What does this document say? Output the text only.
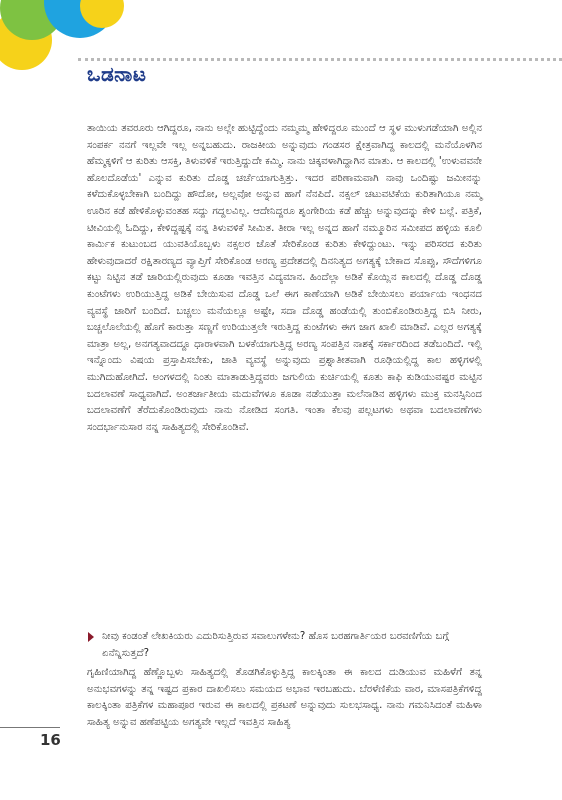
ಒಡನಾಟ
ತಾಯಿಯ ತವರೂರು ಆಗಿದ್ದರೂ, ನಾನು ಅಲ್ಲೇ ಹುಟ್ಟಿದ್ದೆಂದು ನಮ್ಮಮ್ಮ ಹೇಳಿದ್ದರೂ ಮುಂದೆ ಆ ಸ್ಥಳ ಮುಳುಗಡೆಯಾಗಿ ಅಲ್ಲಿನ ಸಂಪರ್ಕ ನನಗೆ ಇಲ್ಲವೇ ಇಲ್ಲ ಅನ್ನಬಹುದು. ರಾಜಕೀಯ ಅನ್ನುವುದು ಗಂಡಸರ ಕ್ಷೇತ್ರವಾಗಿದ್ದ ಕಾಲದಲ್ಲಿ ಮನೆಯೊಳಗಿನ ಹೆಮ್ಮಕ್ಕಳಿಗೆ ಆ ಕುರಿತು ಆಸಕ್ತಿ, ತಿಳುವಳಿಕೆ ಇರುತ್ತಿದ್ದುದೇ ಕಮ್ಮಿ. ನಾನು ಚಿಕ್ಕವಳಾಗಿದ್ದಾಗಿನ ಮಾತು. ಆ ಕಾಲದಲ್ಲಿ 'ಉಳುವವನೇ ಹೊಲದೊಡೆಯ' ಎನ್ನುವ ಕುರಿತು ದೊಡ್ಡ ಚರ್ಚೆಯಾಗುತ್ತಿತ್ತು. ಇದರ ಪರಿಣಾಮವಾಗಿ ನಾವು ಒಂದಿಷ್ಟು ಜಮೀನನ್ನು ಕಳೆದುಕೊಳ್ಳಬೇಕಾಗಿ ಬಂದಿದ್ದು ಹೌದೋ, ಅಲ್ಲವೋ ಅನ್ನುವ ಹಾಗೆ ನೆನಪಿದೆ. ನಕ್ಸಲ್ ಚಟುವಟಿಕೆಯ ಕುರಿತಾಗಿಯೂ ನಮ್ಮ ಊರಿನ ಕಡೆ ಹೇಳಿಕೊಳ್ಳುವಂತಹ ಸದ್ದು ಗದ್ದಲವಿಲ್ಲ. ಆದೇನಿದ್ದರೂ ಶೃಂಗೇರಿಯ ಕಡೆ ಹೆಚ್ಚು ಅನ್ನುವುದನ್ನು ಕೇಳಿ ಬಲ್ಲೆ. ಪತ್ರಿಕೆ, ಟೀವಿಯಲ್ಲಿ ಓದಿದ್ದು, ಕೇಳಿದ್ದಷ್ಟಕ್ಕೆ ನನ್ನ ತಿಳುವಳಿಕೆ ಸೀಮಿತ. ತೀರಾ ಇಲ್ಲ ಅನ್ನದ ಹಾಗೆ ನಮ್ಮೂರಿನ ಸಮೀಪದ ಹಳ್ಳಿಯ ಕೂಲಿ ಕಾರ್ಮಿಕ ಕುಟುಂಬದ ಯುವತಿಯೊಬ್ಬಳು ನಕ್ಸಲರ ಜೊತೆ ಸೇರಿಕೊಂಡ ಕುರಿತು ಕೇಳಿದ್ದುಂಟು. ಇನ್ನು ಪರಿಸರದ ಕುರಿತು ಹೇಳುವುದಾದರೆ ರಕ್ಷಿತಾರಣ್ಯದ ವ್ಯಾಪ್ತಿಗೆ ಸೇರಿಕೊಂಡ ಅರಣ್ಯ ಪ್ರದೇಶದಲ್ಲಿ ದಿನನಿತ್ಯದ ಅಗತ್ಯಕ್ಕೆ ಬೇಕಾದ ಸೊಪ್ಪು, ಸೌದೆಗಳಿಗೂ ಕಟ್ಟು ನಿಟ್ಟಿನ ತಡೆ ಜಾರಿಯಲ್ಲಿರುವುದು ಕೂಡಾ ಇವತ್ತಿನ ವಿದ್ಯಮಾನ. ಹಿಂದೆಲ್ಲಾ ಅಡಿಕೆ ಕೊಯ್ಲಿನ ಕಾಲದಲ್ಲಿ ದೊಡ್ಡ ದೊಡ್ಡ ಕುಂಟೆಗಳು ಉರಿಯುತ್ತಿದ್ದ ಅಡಿಕೆ ಬೇಯಿಸುವ ದೊಡ್ಡ ಒಲೆ ಈಗ ಕಾಣೆಯಾಗಿ ಅಡಿಕೆ ಬೇಯಿಸಲು ಪರ್ಯಾಯ ಇಂಧನದ ವ್ಯವಸ್ಥೆ ಜಾರಿಗೆ ಬಂದಿದೆ. ಬಚ್ಚಲು ಮನೆಯಲ್ಲೂ ಅಷ್ಟೇ, ಸದಾ ದೊಡ್ಡ ಹಂಡೆಯಲ್ಲಿ ತುಂಬಿಕೊಂಡಿರುತ್ತಿದ್ದ ಬಿಸಿ ನೀರು, ಬಚ್ಚಲೊಲೆಯಲ್ಲಿ ಹೊಗೆ ಕಾರುತ್ತಾ ಸಣ್ಣಗೆ ಉರಿಯುತ್ತಲೇ ಇರುತ್ತಿದ್ದ ಕುಂಟೆಗಳು ಈಗ ಜಾಗ ಖಾಲಿ ಮಾಡಿವೆ. ಎಲ್ಲರ ಅಗತ್ಯಕ್ಕೆ ಮಾತ್ರಾ ಅಲ್ಲ, ಅನಗತ್ಯವಾದದ್ದೂ ಧಾರಾಳವಾಗಿ ಬಳಕೆಯಾಗುತ್ತಿದ್ದ ಅರಣ್ಯ ಸಂಪತ್ತಿನ ನಾಶಕ್ಕೆ ಸರ್ಕಾರದಿಂದ ತಡೆಬಂದಿದೆ. ಇಲ್ಲಿ ಇನ್ನೊಂದು ವಿಷಯ ಪ್ರಸ್ತಾಪಿಸಬೇಕು, ಜಾತಿ ವ್ಯವಸ್ಥೆ ಅನ್ನುವುದು ಪ್ರಶ್ನಾತೀತವಾಗಿ ರೂಢಿಯಲ್ಲಿದ್ದ ಕಾಲ ಹಳ್ಳಿಗಳಲ್ಲಿ ಮುಗಿದುಹೋಗಿದೆ. ಅಂಗಳದಲ್ಲಿ ನಿಂತು ಮಾತಾಡುತ್ತಿದ್ದವರು ಜಗುಲಿಯ ಕುರ್ಚಿಯಲ್ಲಿ ಕೂತು ಕಾಫಿ ಕುಡಿಯುವಷ್ಟರ ಮಟ್ಟಿನ ಬದಲಾವಣೆ ಸಾಧ್ಯವಾಗಿದೆ. ಅಂತರ್ಜಾತೀಯ ಮದುವೆಗಳೂ ಕೂಡಾ ನಡೆಯುತ್ತಾ ಮಲೆನಾಡಿನ ಹಳ್ಳಿಗಳು ಮುಕ್ತ ಮನಸ್ಸಿನಿಂದ ಬದಲಾವಣೆಗೆ ತೆರೆದುಕೊಂಡಿರುವುದು ನಾನು ನೋಡಿದ ಸಂಗತಿ. ಇಂತಾ ಕೆಲವು ಪಲ್ಲಟಗಳು ಅಥವಾ ಬದಲಾವಣೆಗಳು ಸಂದರ್ಭಾನುಸಾರ ನನ್ನ ಸಾಹಿತ್ಯದಲ್ಲಿ ಸೇರಿಕೊಂಡಿವೆ.
ನೀವು ಕಂಡಂತೆ ಲೇಖಕಿಯರು ಎದುರಿಸುತ್ತಿರುವ ಸವಾಲುಗಳೇನು? ಹೊಸ ಬರಹಗಾರ್ತಿಯರ ಬರವಣಿಗೆಯ ಬಗ್ಗೆ ಏನೆನ್ನಿಸುತ್ತದೆ?
ಗೃಹಿಣಿಯಾಗಿದ್ದ ಹೆಣ್ಣೊಬ್ಬಳು ಸಾಹಿತ್ಯದಲ್ಲಿ ತೊಡಗಿಕೊಳ್ಳುತ್ತಿದ್ದ ಕಾಲಕ್ಕಿಂತಾ ಈ ಕಾಲದ ದುಡಿಯುವ ಮಹಿಳೆಗೆ ತನ್ನ ಅನುಭವಗಳನ್ನು ತನ್ನ ಇಷ್ಟದ ಪ್ರಕಾರ ದಾಖಲಿಸಲು ಸಮಯದ ಅಭಾವ ಇರಬಹುದು. ಬೆರಳೆಣಿಕೆಯ ವಾರ, ಮಾಸಪತ್ರಿಕೆಗಳಿದ್ದ ಕಾಲಕ್ಕಿಂತಾ ಪತ್ರಿಕೆಗಳ ಮಹಾಪೂರ ಇರುವ ಈ ಕಾಲದಲ್ಲಿ ಪ್ರಕಟಣೆ ಅನ್ನುವುದು ಸುಲಭಸಾಧ್ಯ. ನಾನು ಗಮನಿಸಿದಂತೆ ಮಹಿಳಾ ಸಾಹಿತ್ಯ ಅನ್ನುವ ಹಣೆಪಟ್ಟಿಯ ಅಗತ್ಯವೇ ಇಲ್ಲದೆ ಇವತ್ತಿನ ಸಾಹಿತ್ಯ
16
